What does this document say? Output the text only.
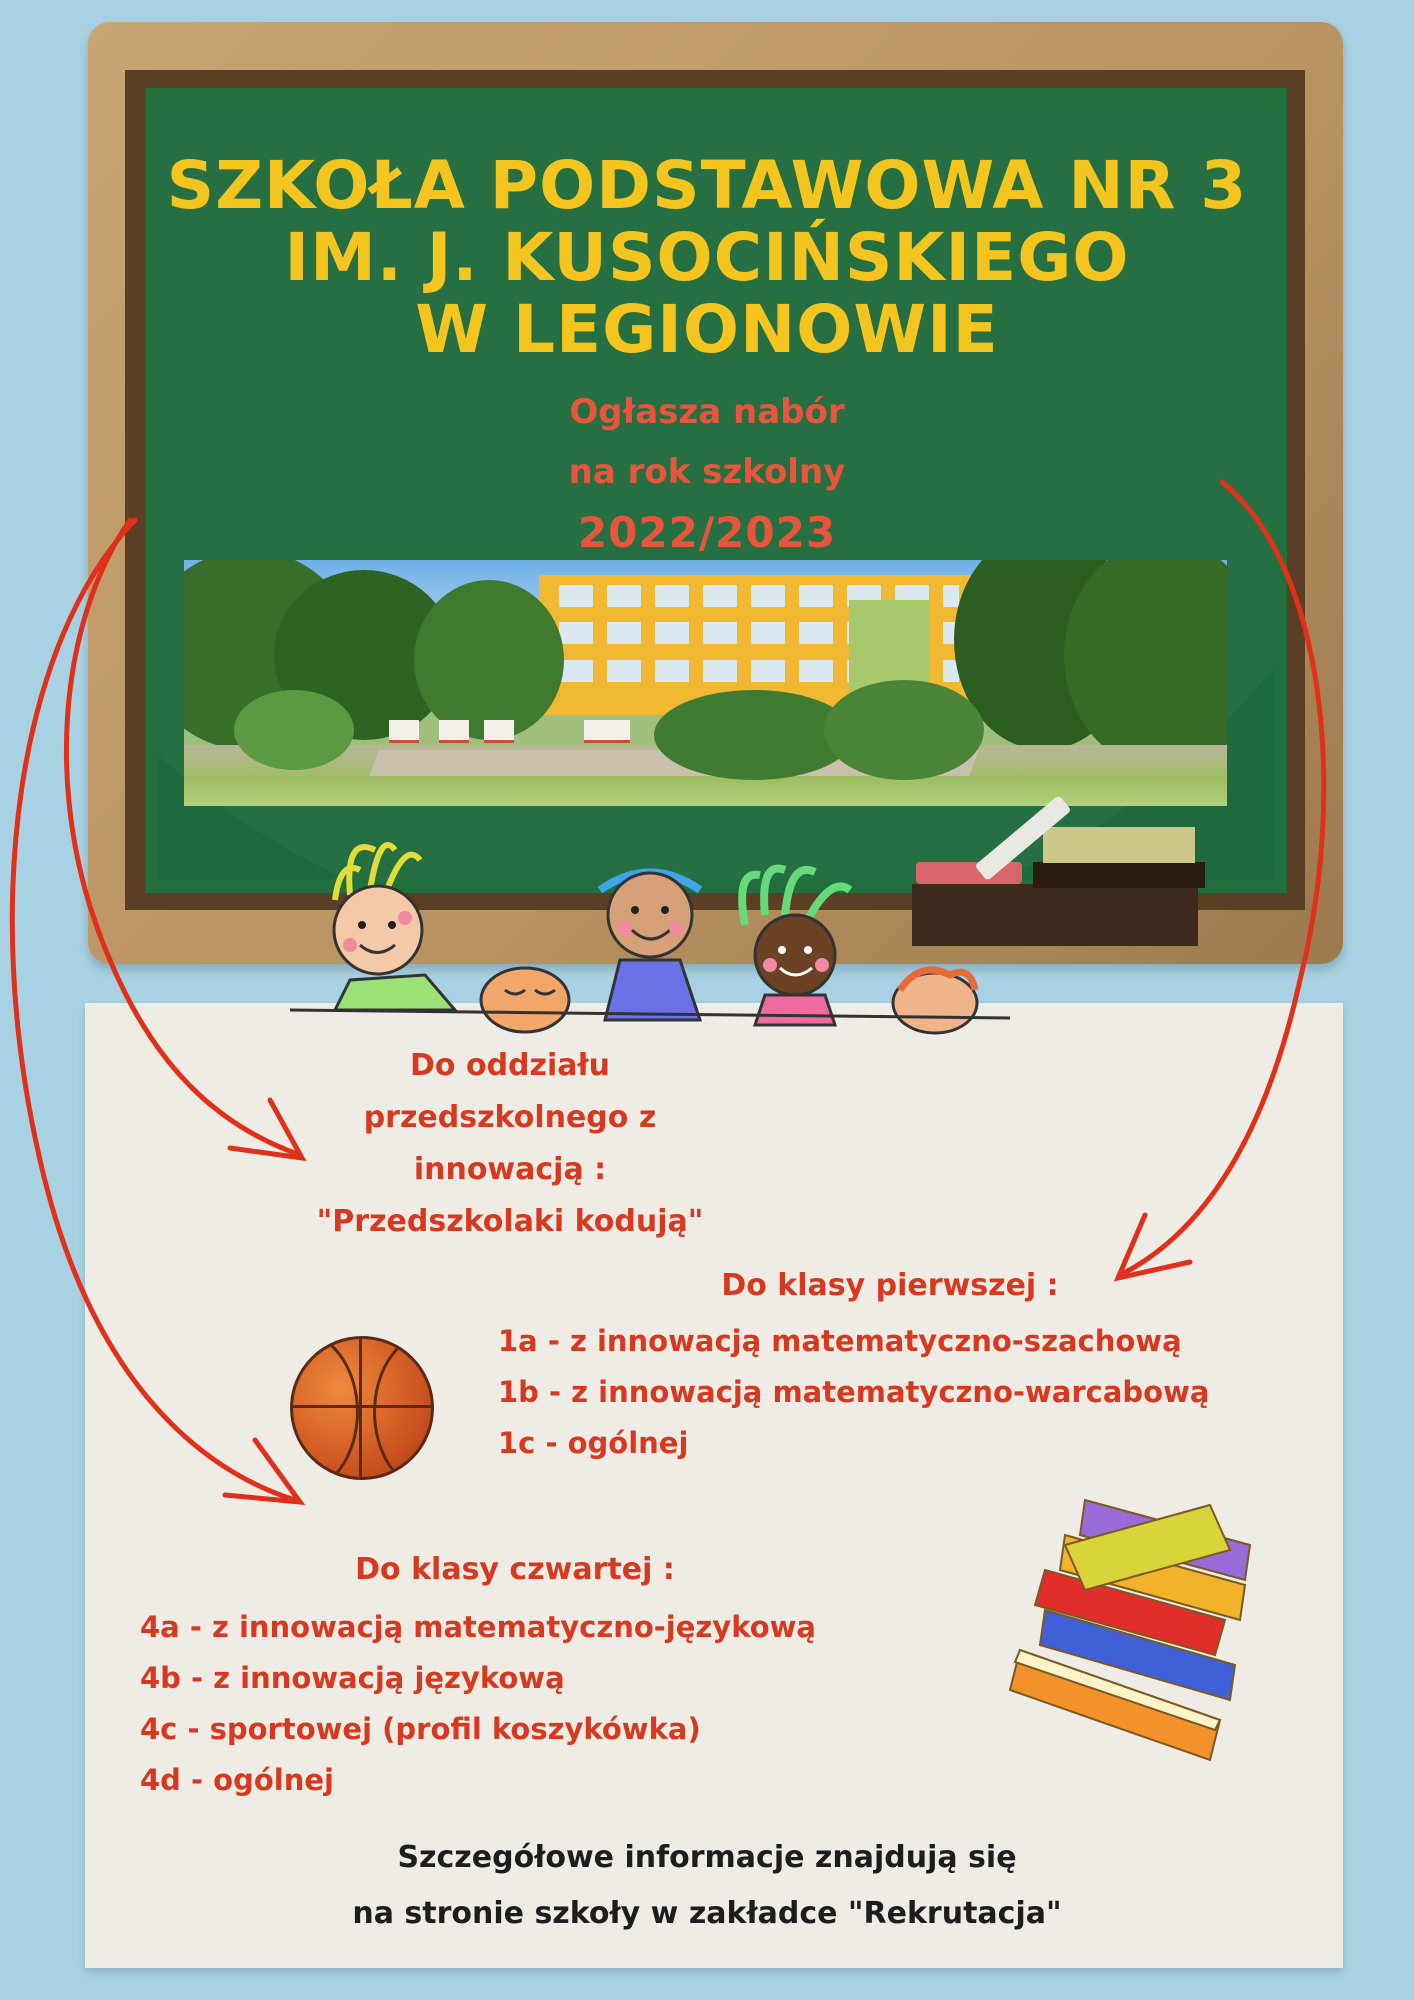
SZKOŁA PODSTAWOWA NR 3
IM. J. KUSOCIŃSKIEGO
W LEGIONOWIE
Ogłasza nabór
na rok szkolny
2022/2023
Do oddziału
przedszkolnego z
innowacją :
"Przedszkolaki kodują"
Do klasy pierwszej :
1a - z innowacją matematyczno-szachową
1b - z innowacją matematyczno-warcabową
1c - ogólnej
Do klasy czwartej :
4a - z innowacją matematyczno-językową
4b - z innowacją językową
4c - sportowej (profil koszykówka)
4d - ogólnej
Szczegółowe informacje znajdują się
na stronie szkoły w zakładce "Rekrutacja"
